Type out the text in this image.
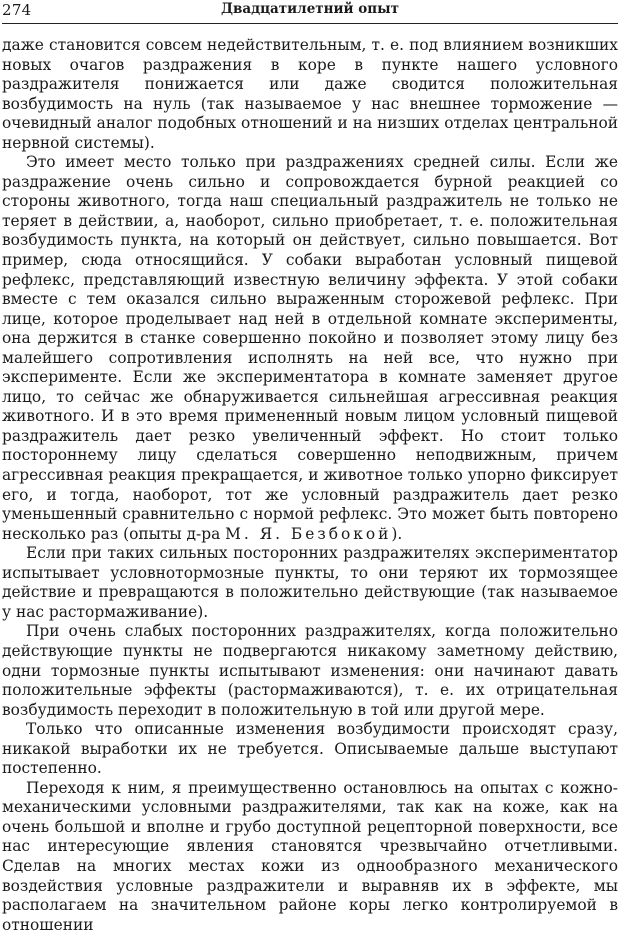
274	Двадцатилетний опыт

даже становится совсем недействительным, т. е. под влиянием возникших новых очагов раздражения в коре в пункте нашего условного раздражителя понижается или даже сводится положительная возбудимость на нуль (так называемое у нас внешнее торможение — очевидный аналог подобных отношений и на низших отделах центральной нервной системы).

Это имеет место только при раздражениях средней силы. Если же раздражение очень сильно и сопровождается бурной реакцией со стороны животного, тогда наш специальный раздражитель не только не теряет в действии, а, наоборот, сильно приобретает, т. е. положительная возбудимость пункта, на который он действует, сильно повышается. Вот пример, сюда относящийся. У собаки выработан условный пищевой рефлекс, представляющий известную величину эффекта. У этой собаки вместе с тем оказался сильно выраженным сторожевой рефлекс. При лице, которое проделывает над ней в отдельной комнате эксперименты, она держится в станке совершенно покойно и позволяет этому лицу без малейшего сопротивления исполнять на ней все, что нужно при эксперименте. Если же экспериментатора в комнате заменяет другое лицо, то сейчас же обнаруживается сильнейшая агрессивная реакция животного. И в это время примененный новым лицом условный пищевой раздражитель дает резко увеличенный эффект. Но стоит только постороннему лицу сделаться совершенно неподвижным, причем агрессивная реакция прекращается, и животное только упорно фиксирует его, и тогда, наоборот, тот же условный раздражитель дает резко уменьшенный сравнительно с нормой рефлекс. Это может быть повторено несколько раз (опыты д-ра М. Я. Безбокой).

Если при таких сильных посторонних раздражителях экспериментатор испытывает условнотормозные пункты, то они теряют их тормозящее действие и превращаются в положительно действующие (так называемое у нас растормаживание).

При очень слабых посторонних раздражителях, когда положительно действующие пункты не подвергаются никакому заметному действию, одни тормозные пункты испытывают изменения: они начинают давать положительные эффекты (растормаживаются), т. е. их отрицательная возбудимость переходит в положительную в той или другой мере.

Только что описанные изменения возбудимости происходят сразу, никакой выработки их не требуется. Описываемые дальше выступают постепенно.

Переходя к ним, я преимущественно остановлюсь на опытах с кожно-механическими условными раздражителями, так как на коже, как на очень большой и вполне и грубо доступной рецепторной поверхности, все нас интересующие явления становятся чрезвычайно отчетливыми. Сделав на многих местах кожи из однообразного механического воздействия условные раздражители и выравняв их в эффекте, мы располагаем на значительном районе коры легко контролируемой в отношении
